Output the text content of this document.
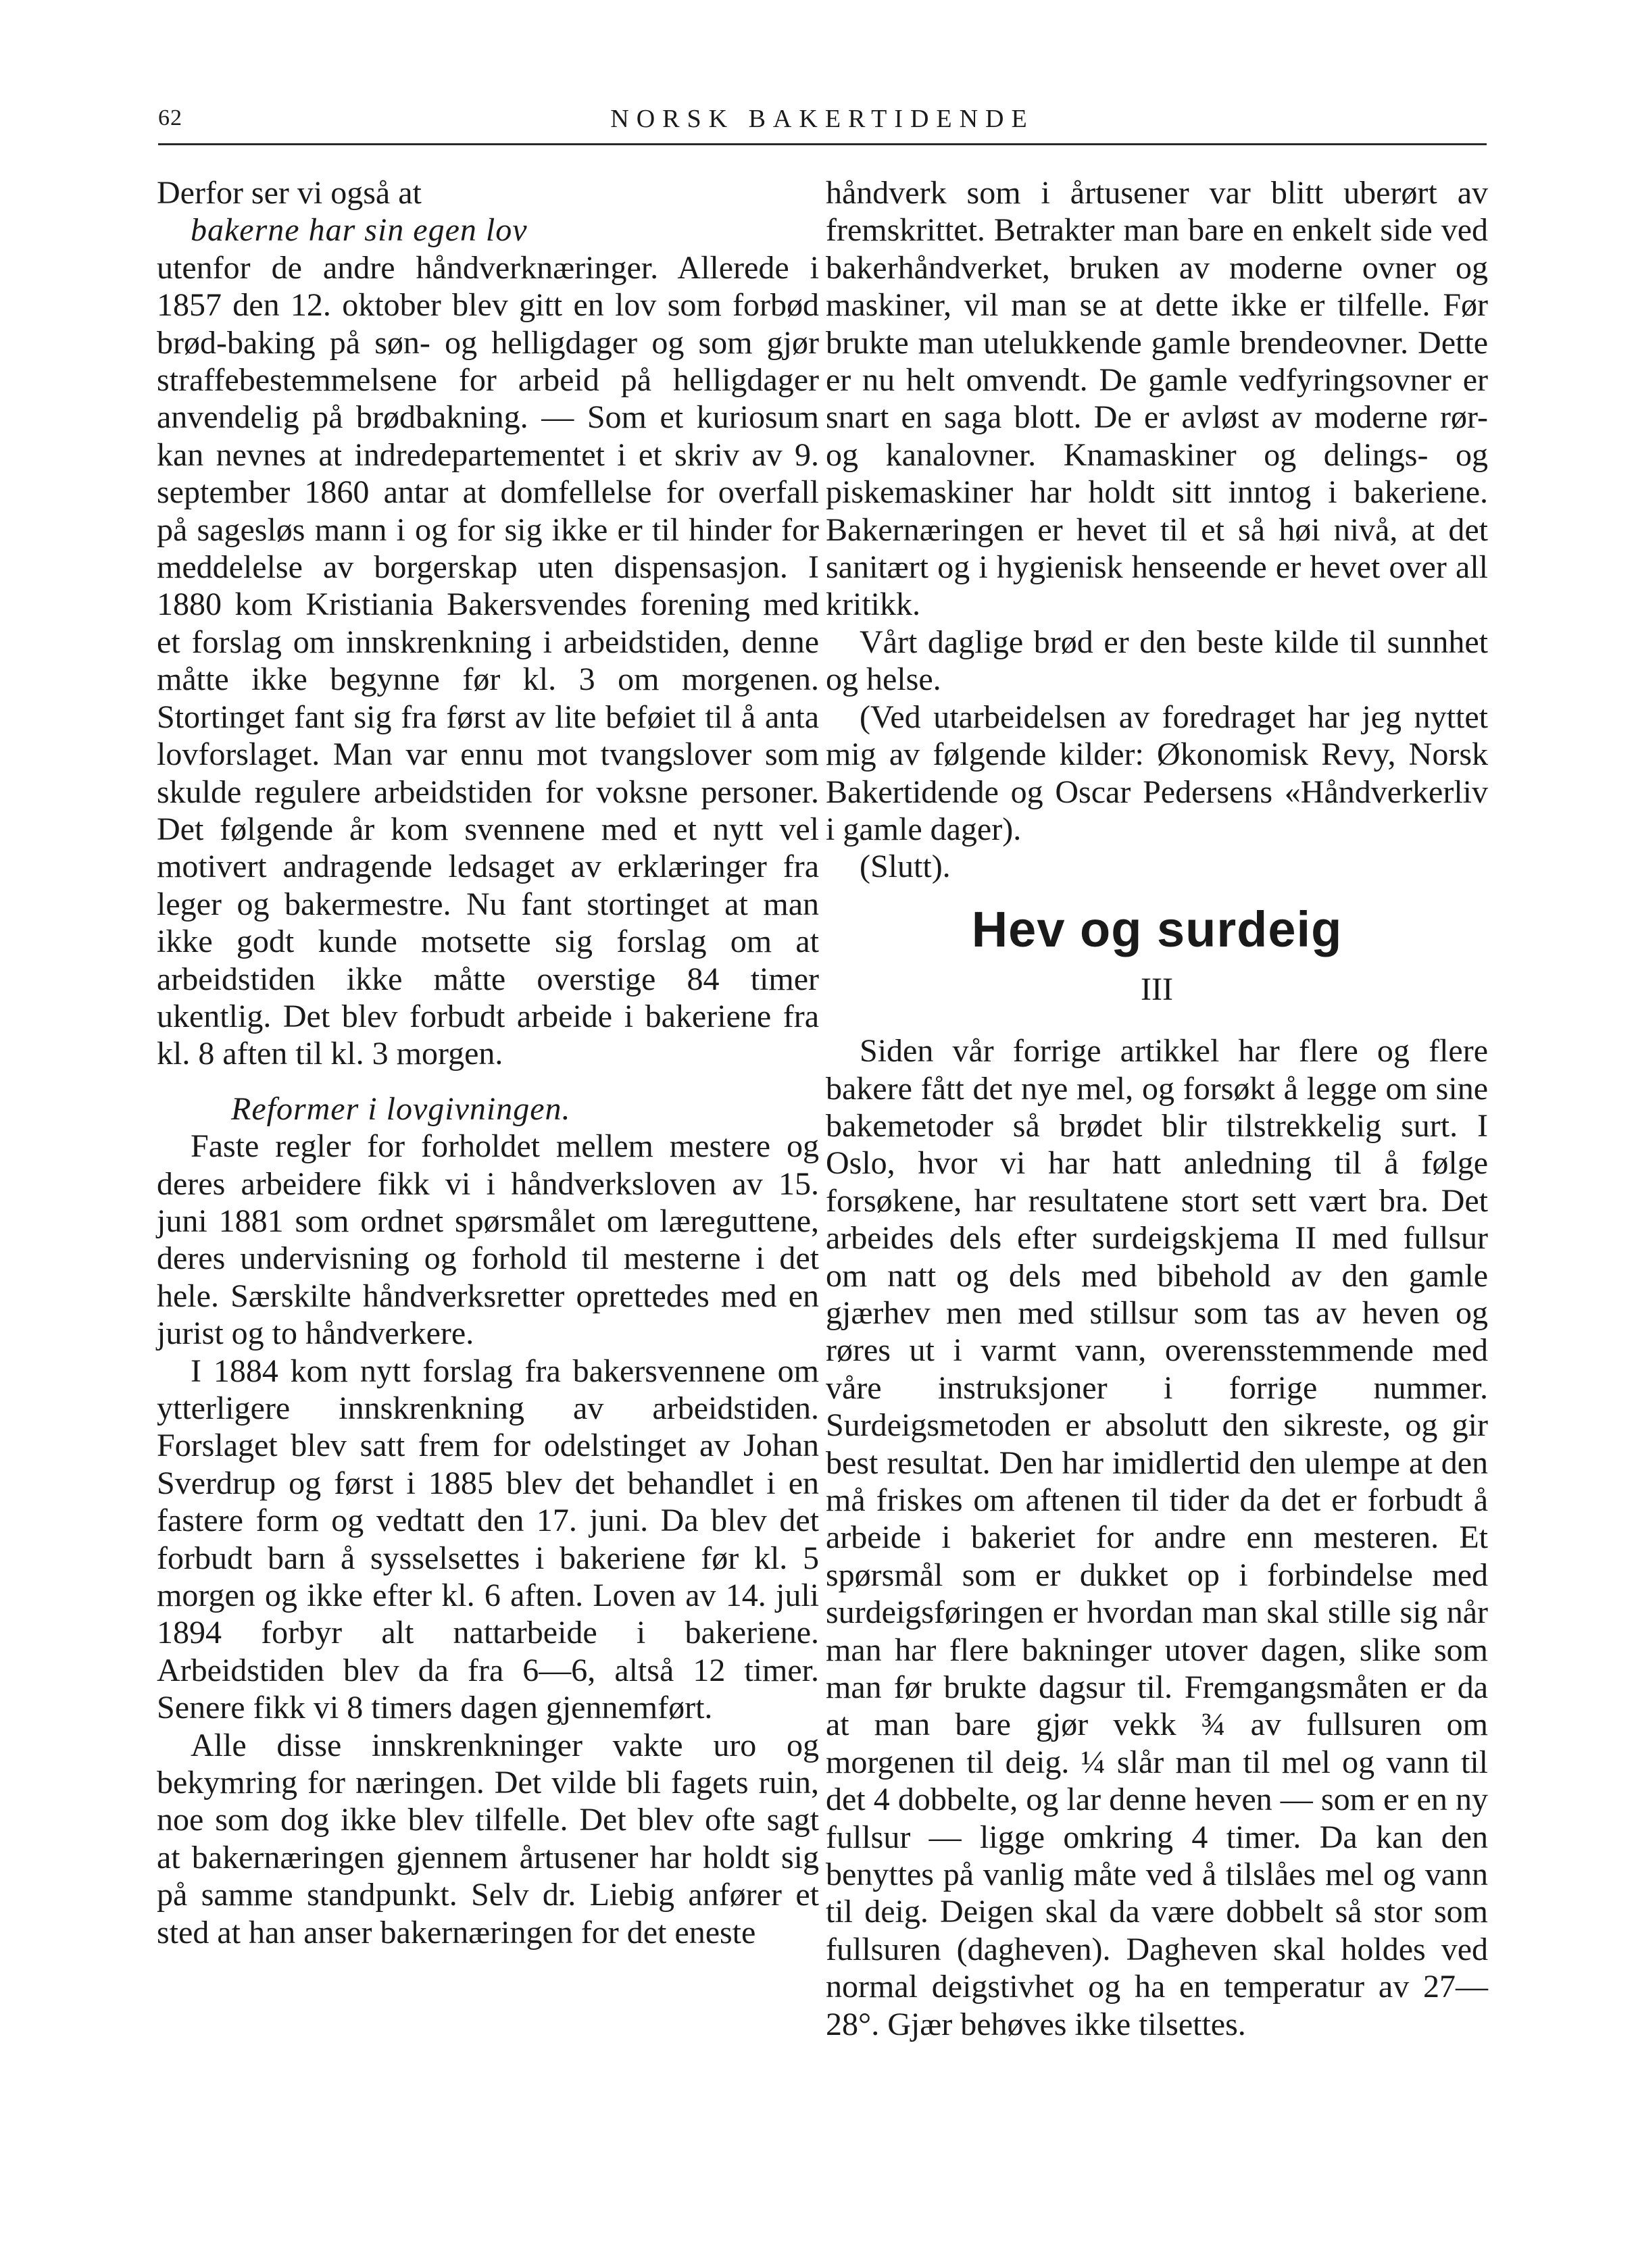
62	NORSK BAKERTIDENDE

Derfor ser vi også at

bakerne har sin egen lov

utenfor de andre håndverknæringer. Allerede i 1857 den 12. oktober blev gitt en lov som forbød brød-baking på søn- og helligdager og som gjør straffebestemmelsene for arbeid på helligdager anvendelig på brødbakning. — Som et kuriosum kan nevnes at indredepartementet i et skriv av 9. september 1860 antar at domfellelse for overfall på sagesløs mann i og for sig ikke er til hinder for meddelelse av borgerskap uten dispensasjon. I 1880 kom Kristiania Bakersvendes forening med et forslag om innskrenkning i arbeidstiden, denne måtte ikke begynne før kl. 3 om morgenen. Stortinget fant sig fra først av lite beføiet til å anta lovforslaget. Man var ennu mot tvangslover som skulde regulere arbeidstiden for voksne personer. Det følgende år kom svennene med et nytt vel motivert andragende ledsaget av erklæringer fra leger og bakermestre. Nu fant stortinget at man ikke godt kunde motsette sig forslag om at arbeidstiden ikke måtte overstige 84 timer ukentlig. Det blev forbudt arbeide i bakeriene fra kl. 8 aften til kl. 3 morgen.

Reformer i lovgivningen.

Faste regler for forholdet mellem mestere og deres arbeidere fikk vi i håndverksloven av 15. juni 1881 som ordnet spørsmålet om læreguttene, deres undervisning og forhold til mesterne i det hele. Særskilte håndverksretter oprettedes med en jurist og to håndverkere.

I 1884 kom nytt forslag fra bakersvennene om ytterligere innskrenkning av arbeidstiden. Forslaget blev satt frem for odelstinget av Johan Sverdrup og først i 1885 blev det behandlet i en fastere form og vedtatt den 17. juni. Da blev det forbudt barn å sysselsettes i bakeriene før kl. 5 morgen og ikke efter kl. 6 aften. Loven av 14. juli 1894 forbyr alt nattarbeide i bakeriene. Arbeidstiden blev da fra 6—6, altså 12 timer. Senere fikk vi 8 timers dagen gjennemført.

Alle disse innskrenkninger vakte uro og bekymring for næringen. Det vilde bli fagets ruin, noe som dog ikke blev tilfelle. Det blev ofte sagt at bakernæringen gjennem årtusener har holdt sig på samme standpunkt. Selv dr. Liebig anfører et sted at han anser bakernæringen for det eneste

håndverk som i årtusener var blitt uberørt av fremskrittet. Betrakter man bare en enkelt side ved bakerhåndverket, bruken av moderne ovner og maskiner, vil man se at dette ikke er tilfelle. Før brukte man utelukkende gamle brendeovner. Dette er nu helt omvendt. De gamle vedfyringsovner er snart en saga blott. De er avløst av moderne rør- og kanalovner. Knamaskiner og delings- og piskemaskiner har holdt sitt inntog i bakeriene. Bakernæringen er hevet til et så høi nivå, at det sanitært og i hygienisk henseende er hevet over all kritikk.

Vårt daglige brød er den beste kilde til sunnhet og helse.

(Ved utarbeidelsen av foredraget har jeg nyttet mig av følgende kilder: Økonomisk Revy, Norsk Bakertidende og Oscar Pedersens «Håndverkerliv i gamle dager).

(Slutt).

Hev og surdeig
III

Siden vår forrige artikkel har flere og flere bakere fått det nye mel, og forsøkt å legge om sine bakemetoder så brødet blir tilstrekkelig surt. I Oslo, hvor vi har hatt anledning til å følge forsøkene, har resultatene stort sett vært bra. Det arbeides dels efter surdeigskjema II med fullsur om natt og dels med bibehold av den gamle gjærhev men med stillsur som tas av heven og røres ut i varmt vann, overensstemmende med våre instruksjoner i forrige nummer. Surdeigsmetoden er absolutt den sikreste, og gir best resultat. Den har imidlertid den ulempe at den må friskes om aftenen til tider da det er forbudt å arbeide i bakeriet for andre enn mesteren. Et spørsmål som er dukket op i forbindelse med surdeigsføringen er hvordan man skal stille sig når man har flere bakninger utover dagen, slike som man før brukte dagsur til. Fremgangsmåten er da at man bare gjør vekk ¾ av fullsuren om morgenen til deig. ¼ slår man til mel og vann til det 4 dobbelte, og lar denne heven — som er en ny fullsur — ligge omkring 4 timer. Da kan den benyttes på vanlig måte ved å tilslåes mel og vann til deig. Deigen skal da være dobbelt så stor som fullsuren (dagheven). Dagheven skal holdes ved normal deigstivhet og ha en temperatur av 27—28°. Gjær behøves ikke tilsettes.
